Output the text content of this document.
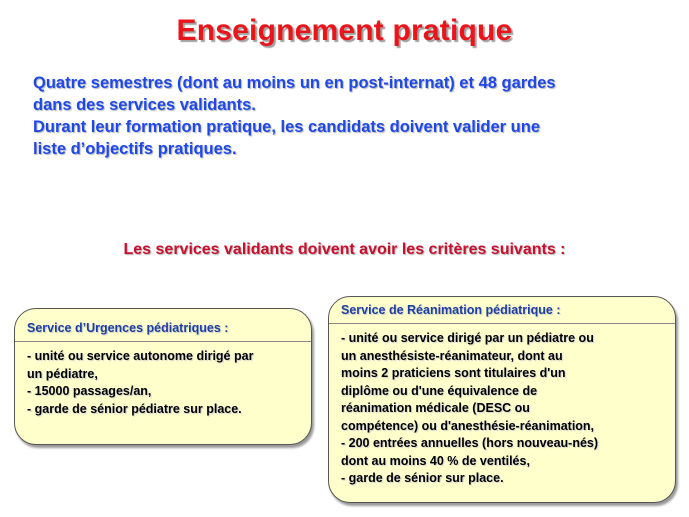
Enseignement pratique
Quatre semestres (dont au moins un en post-internat) et 48 gardes
dans des services validants.
Durant leur formation pratique, les candidats doivent valider une
liste d’objectifs pratiques.
Les services validants doivent avoir les critères suivants :
Service d’Urgences pédiatriques :
- unité ou service autonome dirigé par
un pédiatre,
- 15000 passages/an,
- garde de sénior pédiatre sur place.
Service de Réanimation pédiatrique :
- unité ou service dirigé par un pédiatre ou
un anesthésiste-réanimateur, dont au
moins 2 praticiens sont titulaires d'un
diplôme ou d'une équivalence de
réanimation médicale (DESC ou
compétence) ou d'anesthésie-réanimation,
- 200 entrées annuelles (hors nouveau-nés)
dont au moins 40 % de ventilés,
- garde de sénior sur place.
